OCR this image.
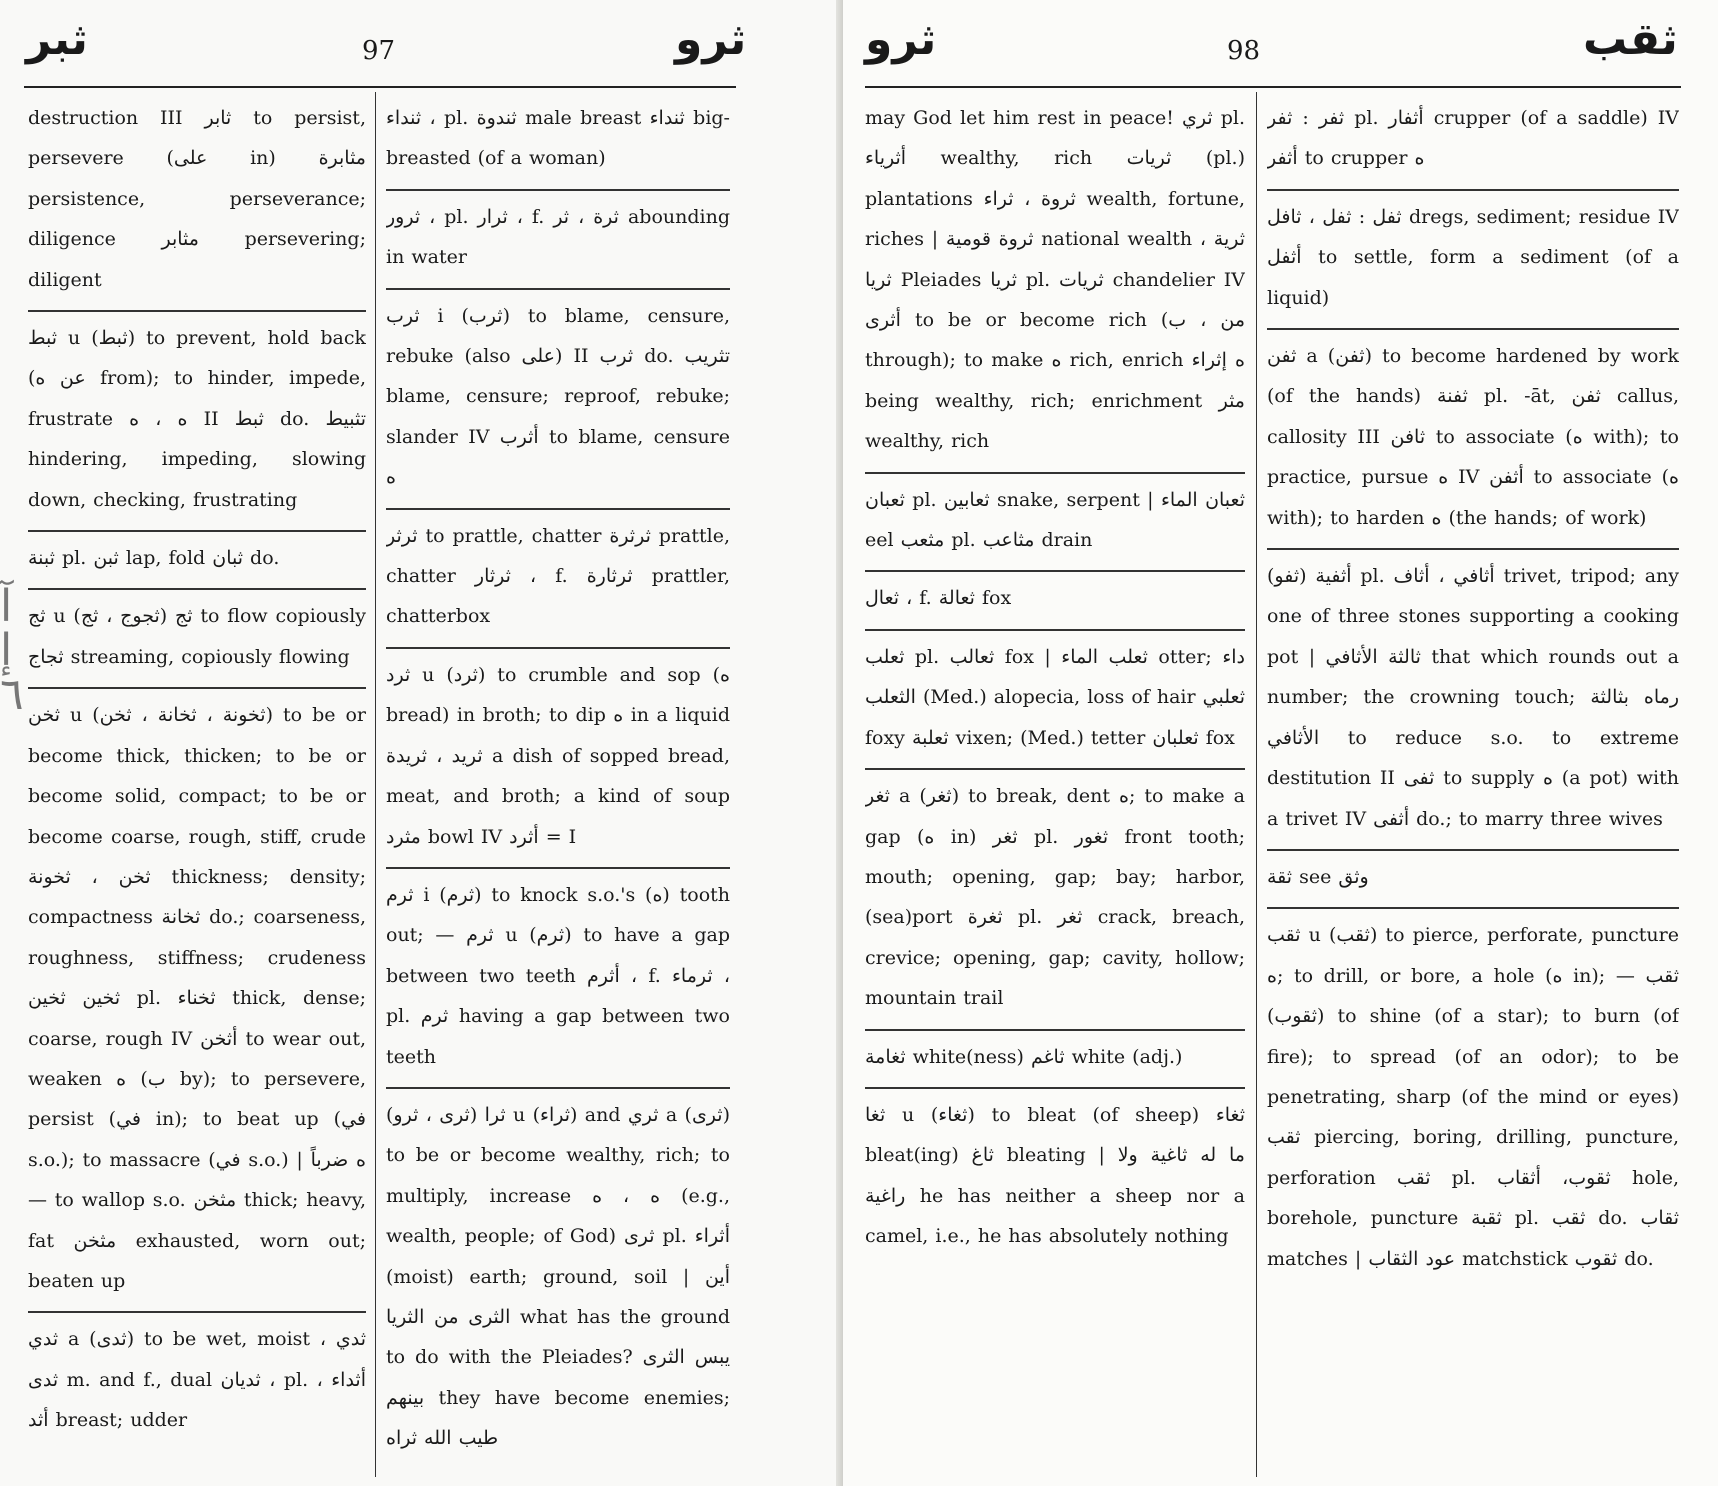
ثبر	97	ثرو

destruction III ثابر to persist, persevere (على in) مثابرة persistence, perseverance; diligence مثابر persevering; diligent

ثبط u (ثبط) to prevent, hold back (عن ه from); to hinder, impede, frustrate ه ، ه II ثبط do. تثبيط hindering, impeding, slowing down, checking, frustrating

ثبنة pl. ثبن lap, fold ثبان do.

ثج u (ثجوج ، ثج) ثج to flow copiously ثجاج streaming, copiously flowing

ثخن u (ثخونة ، ثخانة ، ثخن) to be or become thick, thicken; to be or become solid, compact; to be or become coarse, rough, stiff, crude ثخن ، ثخونة thickness; density; compactness ثخانة do.; coarseness, roughness, stiffness; crudeness ثخين ثخين pl. ثخناء thick, dense; coarse, rough IV أثخن to wear out, weaken ه (ب by); to persevere, persist (في in); to beat up (في s.o.); to massacre (في s.o.) | ه ضرباً — to wallop s.o. مثخن thick; heavy, fat مثخن exhausted, worn out; beaten up

ثدي a (ثدى) to be wet, moist ثدي ، ثدى m. and f., dual ثديان ، pl. أثداء ، أثد breast; udder

ثنداء ، pl. ثندوة male breast ثنداء big-breasted (of a woman)

ثرور ، pl. ثرار ، f. ثرة ، ثر abounding in water

ثرب i (ثرب) to blame, censure, rebuke (also على) II ثرب do. تثريب blame, censure; reproof, rebuke; slander IV أثرب to blame, censure ه

ثرثر to prattle, chatter ثرثرة prattle, chatter ثرثار ، f. ثرثارة prattler, chatterbox

ثرد u (ثرد) to crumble and sop (ه bread) in broth; to dip ه in a liquid ثريد ، ثريدة a dish of sopped bread, meat, and broth; a kind of soup مثرد bowl IV أثرد = I

ثرم i (ثرم) to knock s.o.'s (ه) tooth out; — ثرم u (ثرم) to have a gap between two teeth أثرم ، f. ثرماء ، pl. ثرم having a gap between two teeth

(ثرى ، ثرو) ثرا u (ثراء) and ثري a (ثرى) to be or become wealthy, rich; to multiply, increase ه ، ه (e.g., wealth, people; of God) ثرى pl. أثراء (moist) earth; ground, soil | أين الثرى من الثريا what has the ground to do with the Pleiades? يبس الثرى بينهم they have become enemies; طيب الله ثراه

آ
إ
٦
ثرو	98	ثقب

may God let him rest in peace! ثري pl. أثرياء wealthy, rich ثريات (pl.) plantations ثروة ، ثراء wealth, fortune, riches | ثروة قومية national wealth ثرية ، ثريا Pleiades ثريا pl. ثريات chandelier IV أثرى to be or become rich (من ، ب through); to make ه rich, enrich ه إثراء being wealthy, rich; enrichment مثر wealthy, rich

ثعبان pl. ثعابين snake, serpent | ثعبان الماء eel مثعب pl. مثاعب drain

ثعال ، f. ثعالة fox

ثعلب pl. ثعالب fox | ثعلب الماء otter; داء الثعلب (Med.) alopecia, loss of hair ثعلبي foxy ثعلبة vixen; (Med.) tetter ثعلبان fox

ثغر a (ثغر) to break, dent ه; to make a gap (ه in) ثغر pl. ثغور front tooth; mouth; opening, gap; bay; harbor, (sea)port ثغرة pl. ثغر crack, breach, crevice; opening, gap; cavity, hollow; mountain trail

ثغامة white(ness) ثاغم white (adj.)

ثغا u (ثغاء) to bleat (of sheep) ثغاء bleat(ing) ثاغ bleating | ما له ثاغية ولا راغية he has neither a sheep nor a camel, i.e., he has absolutely nothing

ثفر : ثفر pl. أثفار crupper (of a saddle) IV أثفر to crupper ه

ثفل : ثفل ، ثافل dregs, sediment; residue IV أثفل to settle, form a sediment (of a liquid)

ثفن a (ثفن) to become hardened by work (of the hands) ثفنة pl. -āt, ثفن callus, callosity III ثافن to associate (ه with); to practice, pursue ه IV أثفن to associate (ه with); to harden ه (the hands; of work)

(ثفو) أثفية pl. أثافي ، أثاف trivet, tripod; any one of three stones supporting a cooking pot | ثالثة الأثافي that which rounds out a number; the crowning touch; رماه بثالثة الأثافي to reduce s.o. to extreme destitution II ثفى to supply ه (a pot) with a trivet IV أثفى do.; to marry three wives

ثقة see وثق

ثقب u (ثقب) to pierce, perforate, puncture ه; to drill, or bore, a hole (ه in); — ثقب (ثقوب) to shine (of a star); to burn (of fire); to spread (of an odor); to be penetrating, sharp (of the mind or eyes) ثقب piercing, boring, drilling, puncture, perforation ثقب pl. ثقوب، أثقاب hole, borehole, puncture ثقبة pl. ثقب do. ثقاب matches | عود الثقاب matchstick ثقوب do.
